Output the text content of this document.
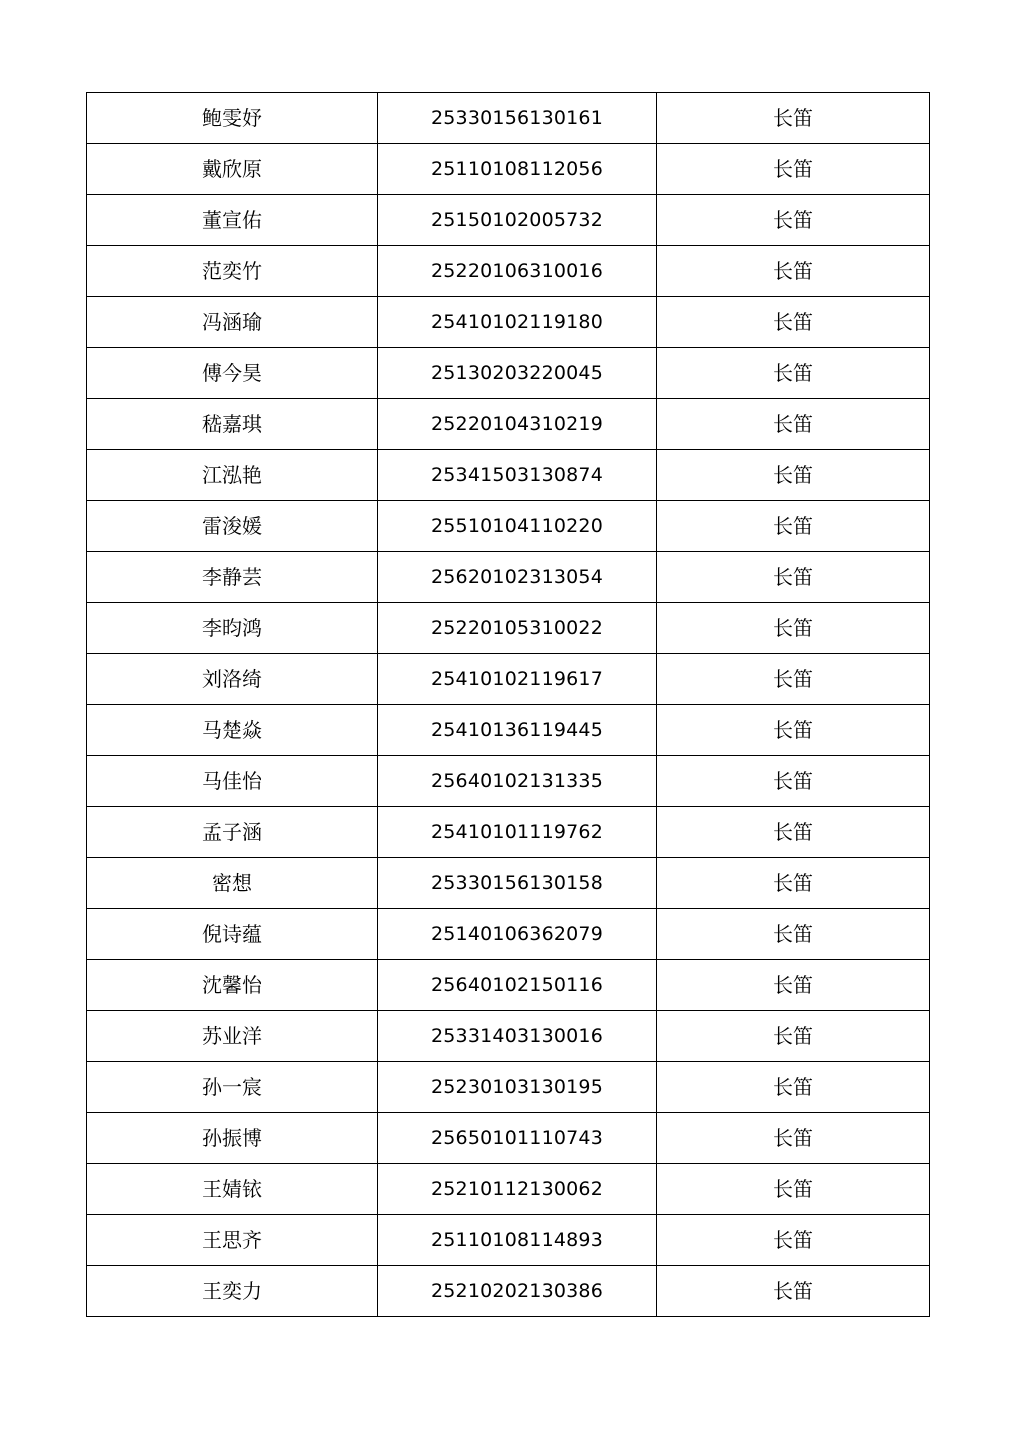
鲍雯妤	25330156130161	长笛
戴欣原	25110108112056	长笛
董宣佑	25150102005732	长笛
范奕竹	25220106310016	长笛
冯涵瑜	25410102119180	长笛
傅今昊	25130203220045	长笛
嵇嘉琪	25220104310219	长笛
江泓艳	25341503130874	长笛
雷浚媛	25510104110220	长笛
李静芸	25620102313054	长笛
李昀鸿	25220105310022	长笛
刘洛绮	25410102119617	长笛
马楚焱	25410136119445	长笛
马佳怡	25640102131335	长笛
孟子涵	25410101119762	长笛
密想	25330156130158	长笛
倪诗蕴	25140106362079	长笛
沈馨怡	25640102150116	长笛
苏业洋	25331403130016	长笛
孙一宸	25230103130195	长笛
孙振博	25650101110743	长笛
王婧铱	25210112130062	长笛
王思齐	25110108114893	长笛
王奕力	25210202130386	长笛
